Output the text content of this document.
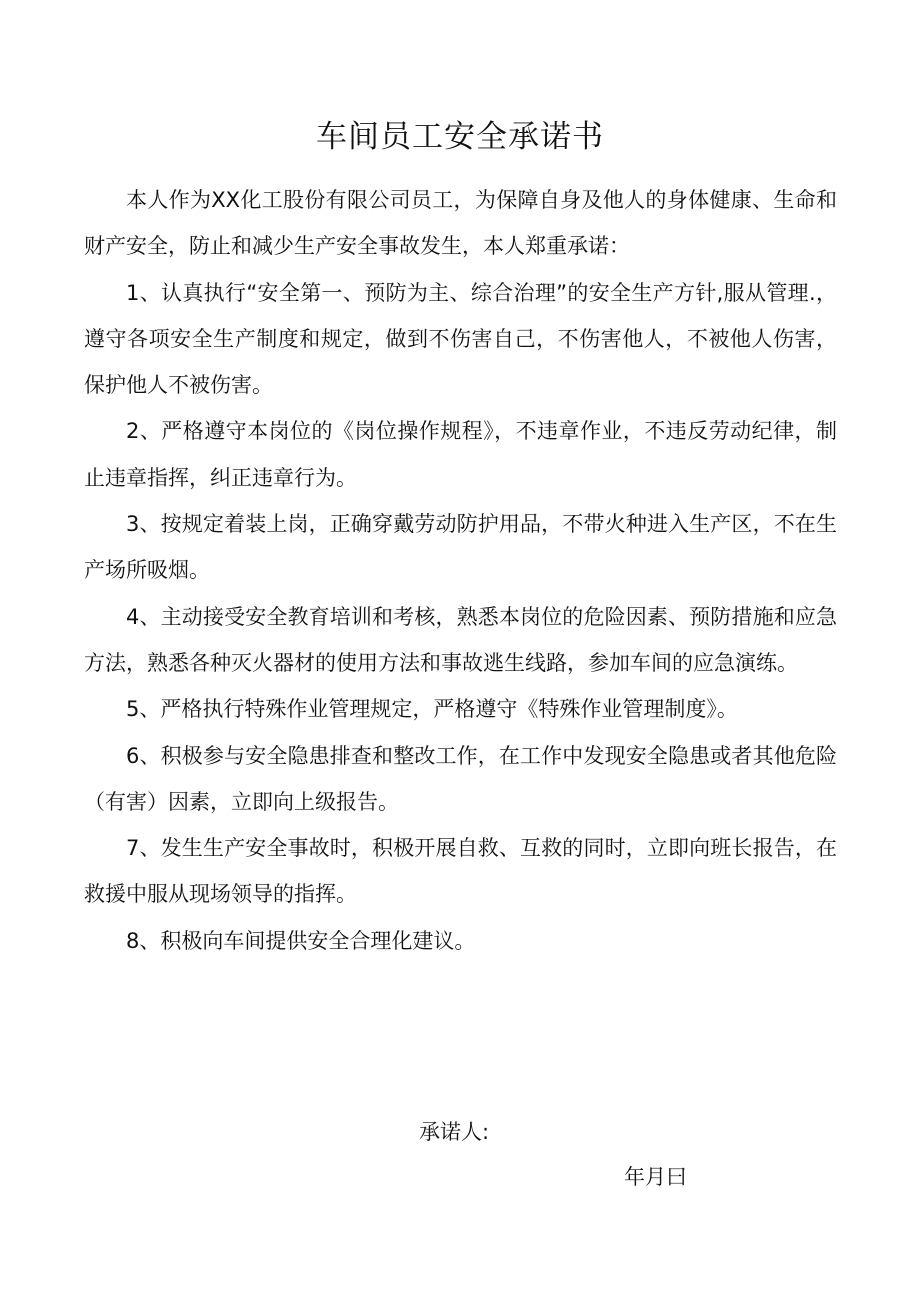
车间员工安全承诺书

本人作为XX化工股份有限公司员工，为保障自身及他人的身体健康、生命和财产安全，防止和减少生产安全事故发生，本人郑重承诺：

1、认真执行“安全第一、预防为主、综合治理”的安全生产方针,服从管理.，遵守各项安全生产制度和规定，做到不伤害自己，不伤害他人，不被他人伤害，保护他人不被伤害。

2、严格遵守本岗位的《岗位操作规程》，不违章作业，不违反劳动纪律，制止违章指挥，纠正违章行为。

3、按规定着装上岗，正确穿戴劳动防护用品，不带火种进入生产区，不在生产场所吸烟。

4、主动接受安全教育培训和考核，熟悉本岗位的危险因素、预防措施和应急方法，熟悉各种灭火器材的使用方法和事故逃生线路，参加车间的应急演练。

5、严格执行特殊作业管理规定，严格遵守《特殊作业管理制度》。

6、积极参与安全隐患排查和整改工作，在工作中发现安全隐患或者其他危险（有害）因素，立即向上级报告。

7、发生生产安全事故时，积极开展自救、互救的同时，立即向班长报告，在救援中服从现场领导的指挥。

8、积极向车间提供安全合理化建议。

承诺人:
年月曰
